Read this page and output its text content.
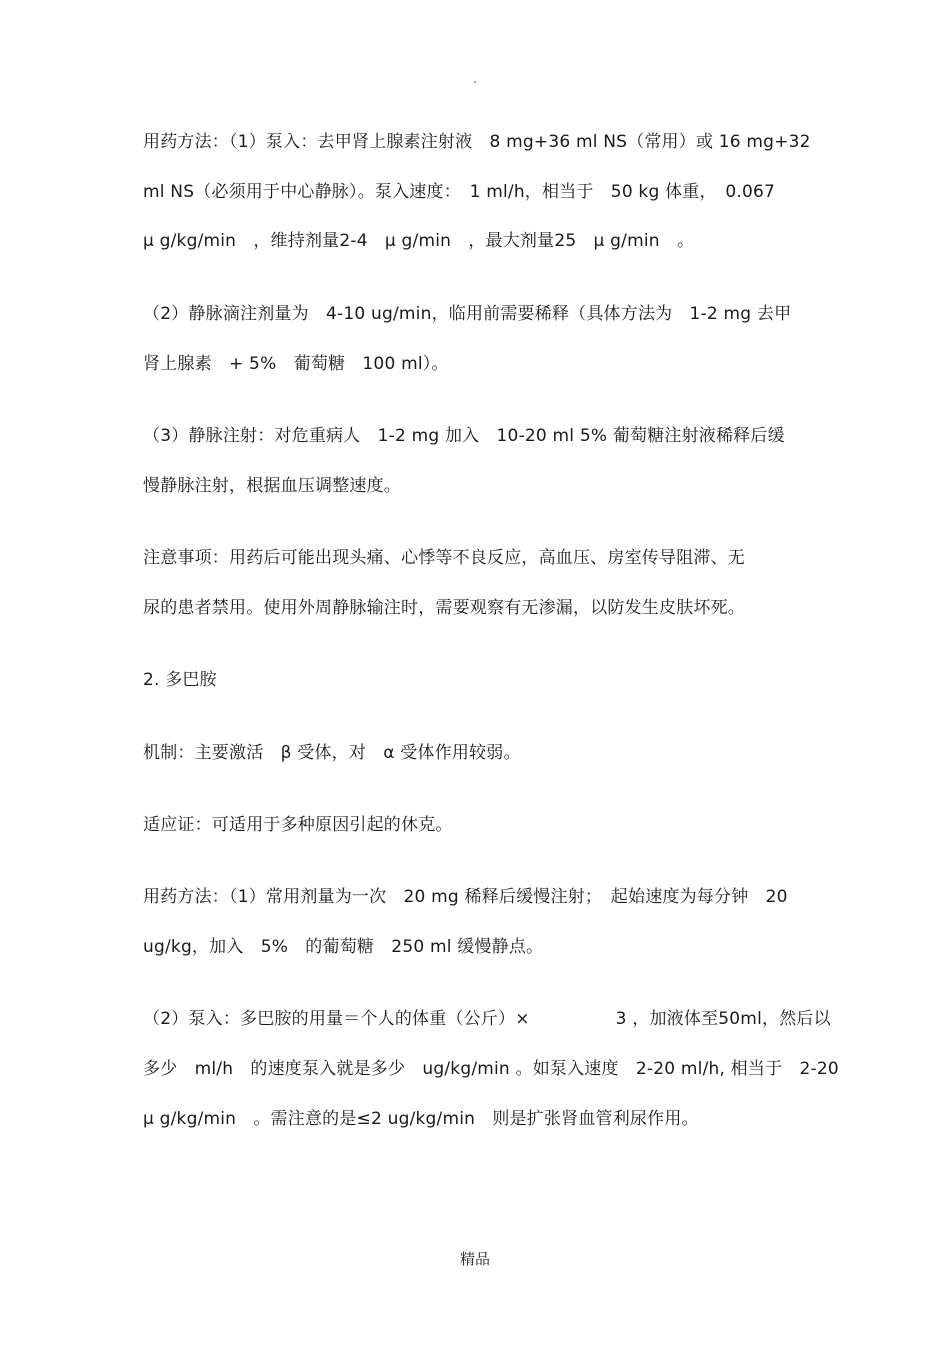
.
用药方法：（1）泵入：去甲肾上腺素注射液　8 mg+36 ml NS（常用）或 16 mg+32
ml NS（必须用于中心静脉）。泵入速度：　1 ml/h，相当于　50 kg 体重，　0.067
μ g/kg/min　，维持剂量2-4　μ g/min　，最大剂量25　μ g/min　。
（2）静脉滴注剂量为　4-10 ug/min，临用前需要稀释（具体方法为　1-2 mg 去甲
肾上腺素　+ 5%　葡萄糖　100 ml）。
（3）静脉注射：对危重病人　1-2 mg 加入　10-20 ml 5% 葡萄糖注射液稀释后缓
慢静脉注射，根据血压调整速度。
注意事项：用药后可能出现头痛、心悸等不良反应，高血压、房室传导阻滞、无
尿的患者禁用。使用外周静脉输注时，需要观察有无渗漏，以防发生皮肤坏死。
2. 多巴胺
机制：主要激活　β 受体，对　α 受体作用较弱。
适应证：可适用于多种原因引起的休克。
用药方法：（1）常用剂量为一次　20 mg 稀释后缓慢注射；　起始速度为每分钟　20
ug/kg，加入　5%　的葡萄糖　250 ml 缓慢静点。
（2）泵入：多巴胺的用量＝个人的体重（公斤）×　　　　　3 ，加液体至50ml，然后以
多少　ml/h　的速度泵入就是多少　ug/kg/min 。如泵入速度　2-20 ml/h, 相当于　2-20
μ g/kg/min　。需注意的是≤2 ug/kg/min　则是扩张肾血管利尿作用。
精品
